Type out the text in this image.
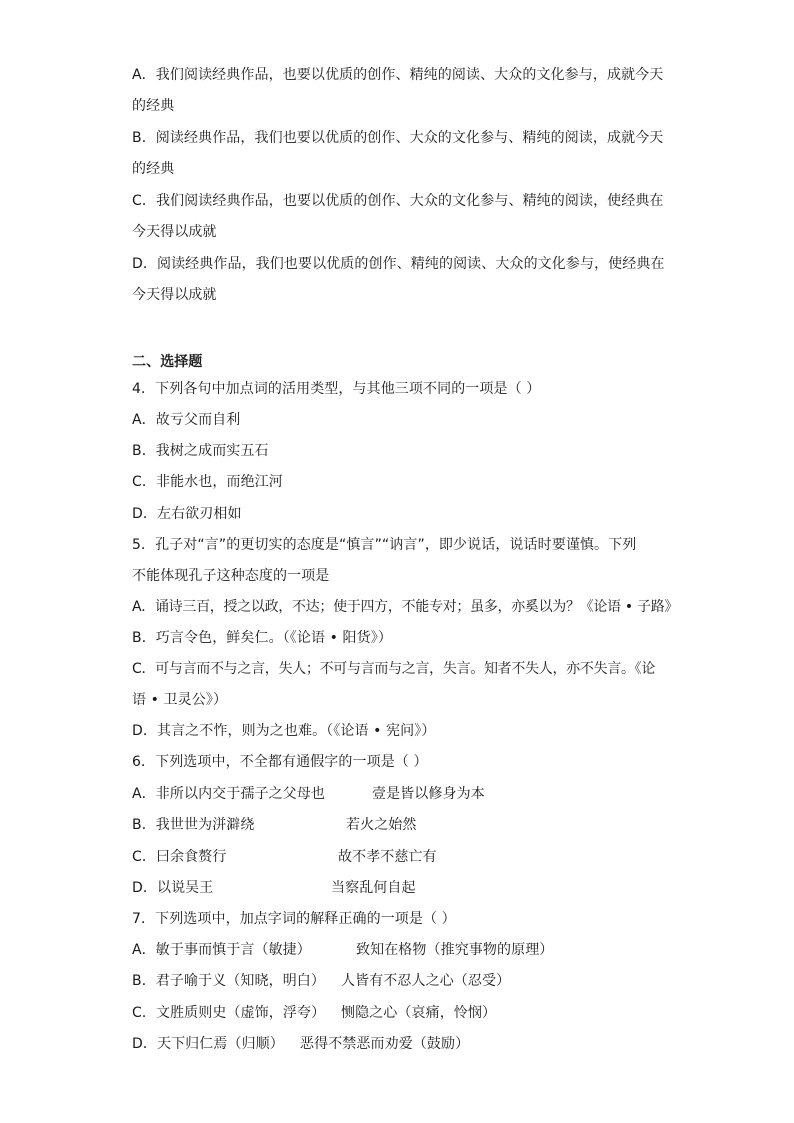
A．我们阅读经典作品，也要以优质的创作、精纯的阅读、大众的文化参与，成就今天
的经典
B．阅读经典作品，我们也要以优质的创作、大众的文化参与、精纯的阅读，成就今天
的经典
C．我们阅读经典作品，也要以优质的创作、大众的文化参与、精纯的阅读，使经典在
今天得以成就
D．阅读经典作品，我们也要以优质的创作、精纯的阅读、大众的文化参与，使经典在
今天得以成就
二、选择题
4．下列各句中加点词的活用类型，与其他三项不同的一项是（ ）
A．故亏父而自利
B．我树之成而实五石
C．非能水也，而绝江河
D．左右欲刃相如
5．孔子对“言”的更切实的态度是“慎言”“讷言”，即少说话，说话时要谨慎。下列
不能体现孔子这种态度的一项是
A．诵诗三百，授之以政，不达；使于四方，不能专对；虽多，亦奚以为？《论语 • 子路》
B．巧言令色，鲜矣仁。（《论语 • 阳货》）
C．可与言而不与之言，失人；不可与言而与之言，失言。知者不失人，亦不失言。《论
语 • 卫灵公》）
D．其言之不怍，则为之也难。（《论语 • 宪问》）
6．下列选项中，不全都有通假字的一项是（ ）
A．非所以内交于孺子之父母也	壹是皆以修身为本
B．我世世为洴澼绕	若火之始然
C．曰余食赘行	故不孝不慈亡有
D．以说吴王	当察乱何自起
7．下列选项中，加点字词的解释正确的一项是（ ）
A．敏于事而慎于言（敏捷）	致知在格物（推究事物的原理）
B．君子喻于义（知晓，明白） 人皆有不忍人之心（忍受）
C．文胜质则史（虚饰，浮夸） 恻隐之心（哀痛，怜悯）
D．天下归仁焉（归顺） 恶得不禁恶而劝爱（鼓励）
